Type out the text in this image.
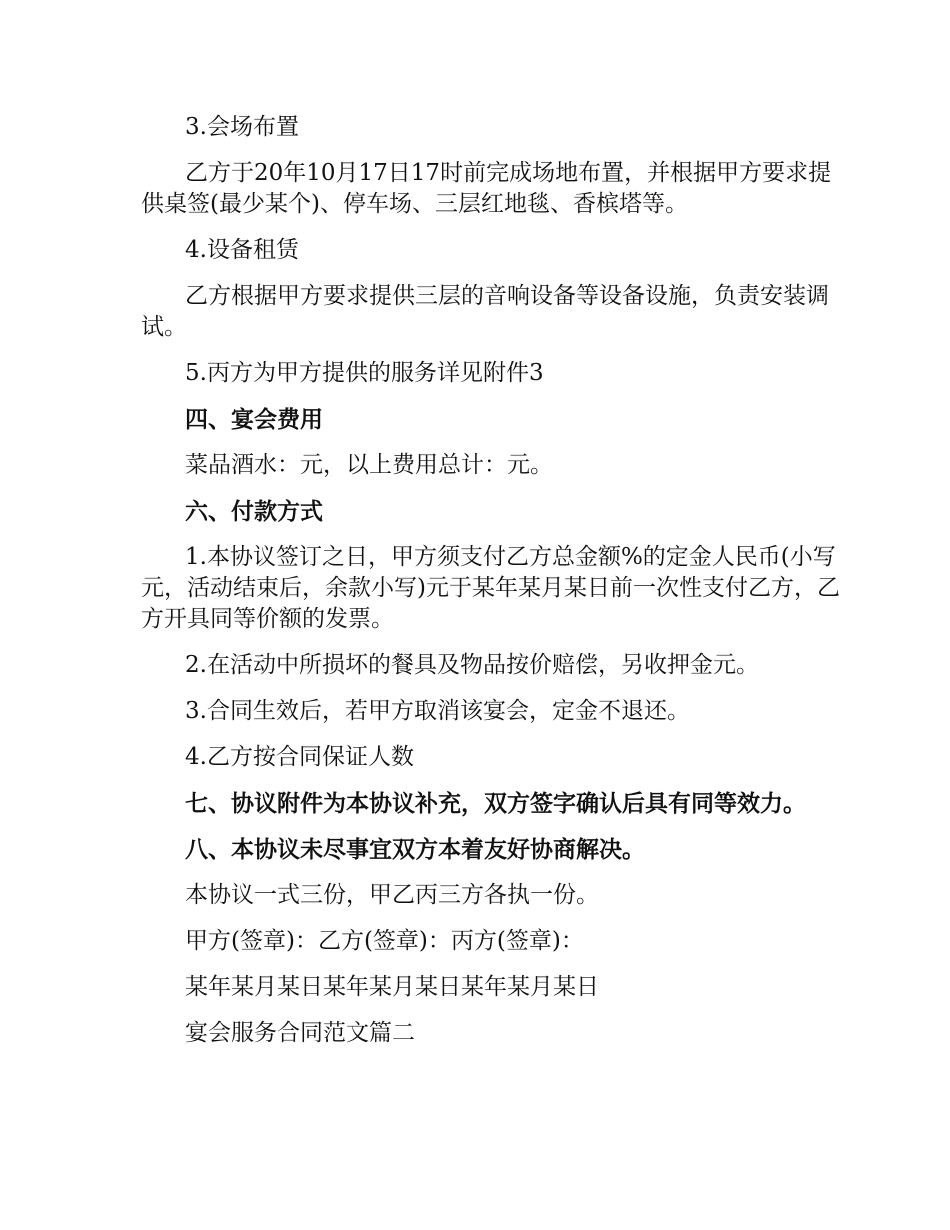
3.会场布置

乙方于20年10月17日17时前完成场地布置，并根据甲方要求提供桌签(最少某个)、停车场、三层红地毯、香槟塔等。

4.设备租赁

乙方根据甲方要求提供三层的音响设备等设备设施，负责安装调试。

5.丙方为甲方提供的服务详见附件3

四、宴会费用

菜品酒水：元，以上费用总计：元。

六、付款方式

1.本协议签订之日，甲方须支付乙方总金额%的定金人民币(小写元，活动结束后，余款小写)元于某年某月某日前一次性支付乙方，乙方开具同等价额的发票。

2.在活动中所损坏的餐具及物品按价赔偿，另收押金元。

3.合同生效后，若甲方取消该宴会，定金不退还。

4.乙方按合同保证人数

七、协议附件为本协议补充，双方签字确认后具有同等效力。

八、本协议未尽事宜双方本着友好协商解决。

本协议一式三份，甲乙丙三方各执一份。

甲方(签章)：乙方(签章)：丙方(签章)：

某年某月某日某年某月某日某年某月某日

宴会服务合同范文篇二
